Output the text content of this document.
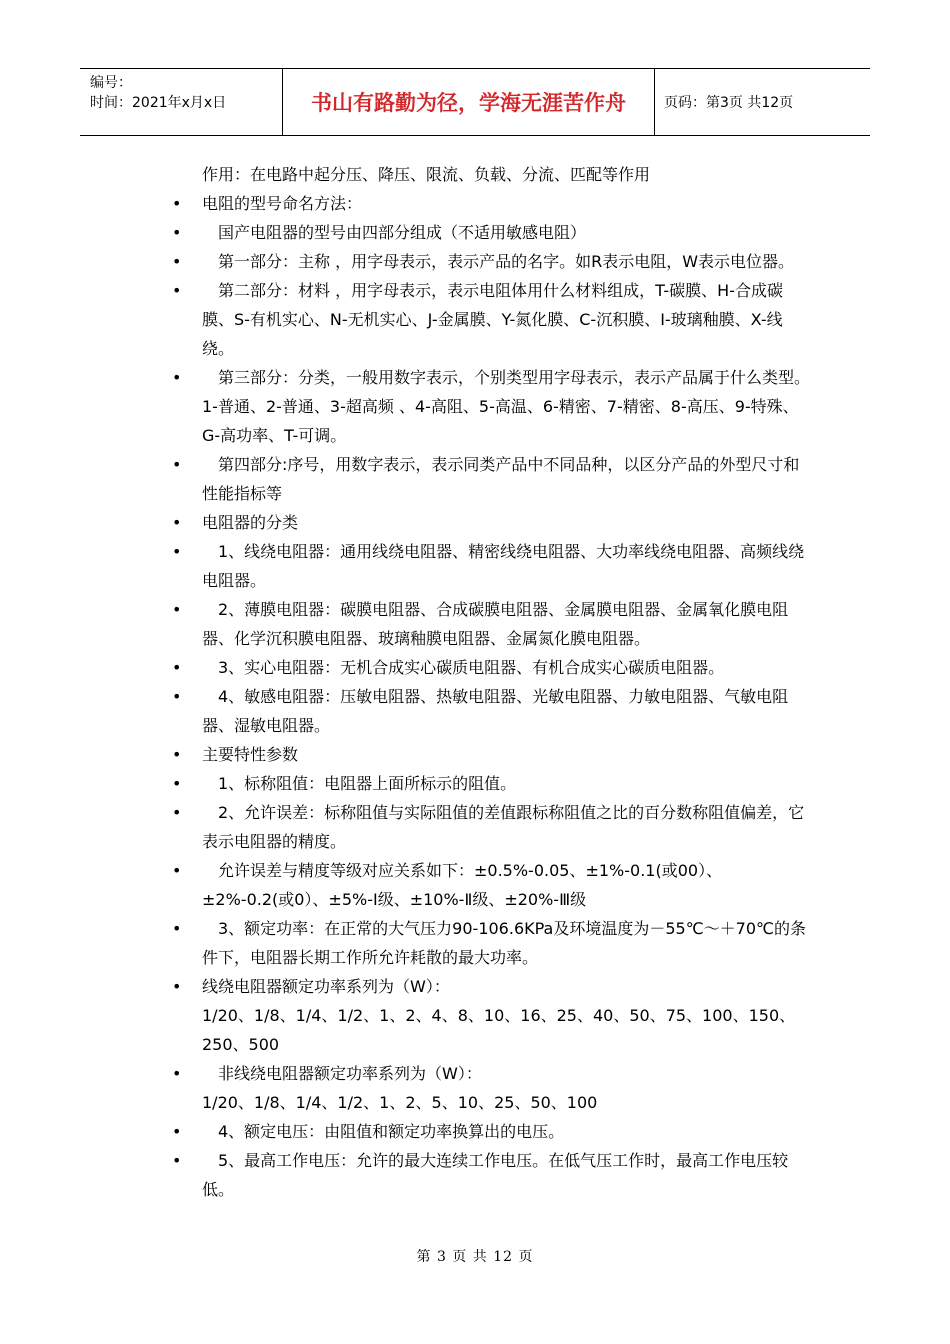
编号：
时间：2021年x月x日	书山有路勤为径，学海无涯苦作舟	页码：第3页 共12页
作用：在电路中起分压、降压、限流、负载、分流、匹配等作用
• 电阻的型号命名方法：
•	国产电阻器的型号由四部分组成（不适用敏感电阻）
•	第一部分：主称 ，用字母表示，表示产品的名字。如R表示电阻，W表示电位器。
•	第二部分：材料 ，用字母表示，表示电阻体用什么材料组成，T-碳膜、H-合成碳膜、S-有机实心、N-无机实心、J-金属膜、Y-氮化膜、C-沉积膜、I-玻璃釉膜、X-线绕。
•	第三部分：分类，一般用数字表示，个别类型用字母表示，表示产品属于什么类型。1-普通、2-普通、3-超高频 、4-高阻、5-高温、6-精密、7-精密、8-高压、9-特殊、G-高功率、T-可调。
•	第四部分:序号，用数字表示，表示同类产品中不同品种，以区分产品的外型尺寸和性能指标等
• 电阻器的分类
•	1、线绕电阻器：通用线绕电阻器、精密线绕电阻器、大功率线绕电阻器、高频线绕电阻器。
•	2、薄膜电阻器：碳膜电阻器、合成碳膜电阻器、金属膜电阻器、金属氧化膜电阻器、化学沉积膜电阻器、玻璃釉膜电阻器、金属氮化膜电阻器。
•	3、实心电阻器：无机合成实心碳质电阻器、有机合成实心碳质电阻器。
•	4、敏感电阻器：压敏电阻器、热敏电阻器、光敏电阻器、力敏电阻器、气敏电阻器、湿敏电阻器。
• 主要特性参数
•	1、标称阻值：电阻器上面所标示的阻值。
•	2、允许误差：标称阻值与实际阻值的差值跟标称阻值之比的百分数称阻值偏差，它表示电阻器的精度。
•	允许误差与精度等级对应关系如下：±0.5%-0.05、±1%-0.1(或00）、±2%-0.2(或0）、±5%-Ⅰ级、±10%-Ⅱ级、±20%-Ⅲ级
•	3、额定功率：在正常的大气压力90-106.6KPa及环境温度为－55℃～＋70℃的条件下，电阻器长期工作所允许耗散的最大功率。
• 线绕电阻器额定功率系列为（W）：
1/20、1/8、1/4、1/2、1、2、4、8、10、16、25、40、50、75、100、150、250、500
•	非线绕电阻器额定功率系列为（W）：
1/20、1/8、1/4、1/2、1、2、5、10、25、50、100
•	4、额定电压：由阻值和额定功率换算出的电压。
•	5、最高工作电压：允许的最大连续工作电压。在低气压工作时，最高工作电压较低。
第 3 页 共 12 页
